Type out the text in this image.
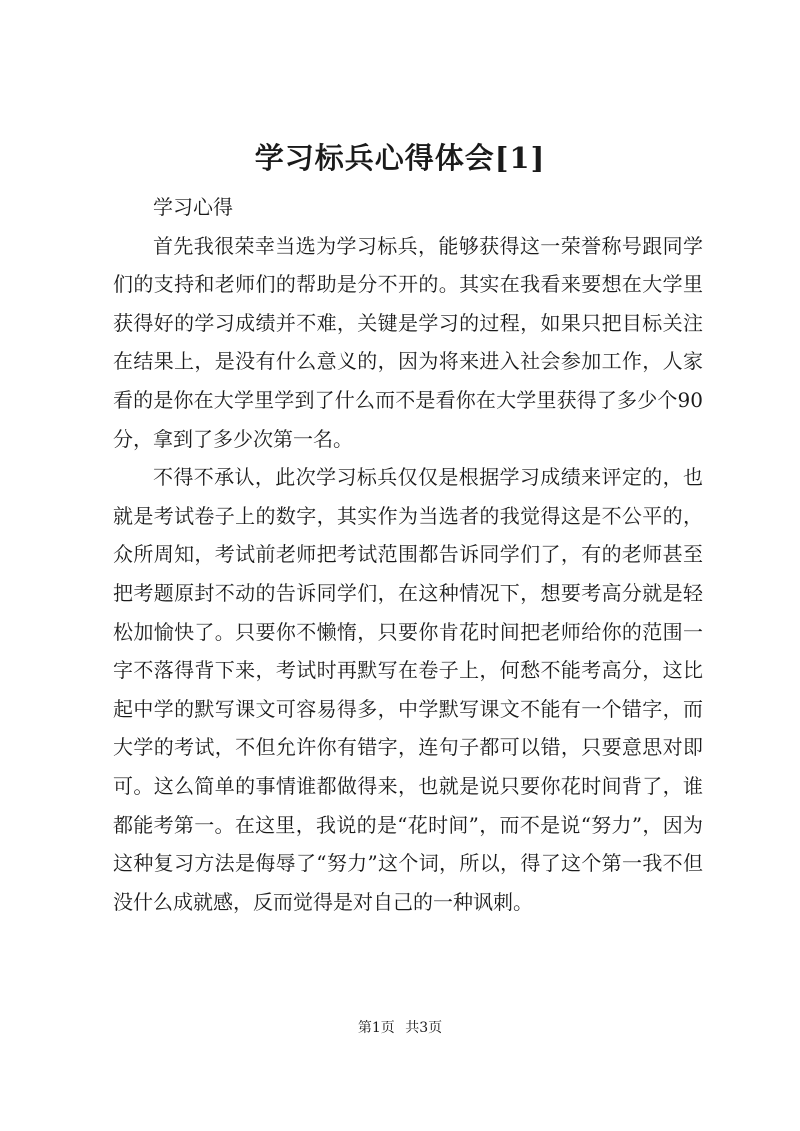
学习标兵心得体会[1]

学习心得

首先我很荣幸当选为学习标兵，能够获得这一荣誉称号跟同学们的支持和老师们的帮助是分不开的。其实在我看来要想在大学里获得好的学习成绩并不难，关键是学习的过程，如果只把目标关注在结果上，是没有什么意义的，因为将来进入社会参加工作，人家看的是你在大学里学到了什么而不是看你在大学里获得了多少个90分，拿到了多少次第一名。

不得不承认，此次学习标兵仅仅是根据学习成绩来评定的，也就是考试卷子上的数字，其实作为当选者的我觉得这是不公平的，众所周知，考试前老师把考试范围都告诉同学们了，有的老师甚至把考题原封不动的告诉同学们，在这种情况下，想要考高分就是轻松加愉快了。只要你不懒惰，只要你肯花时间把老师给你的范围一字不落得背下来，考试时再默写在卷子上，何愁不能考高分，这比起中学的默写课文可容易得多，中学默写课文不能有一个错字，而大学的考试，不但允许你有错字，连句子都可以错，只要意思对即可。这么简单的事情谁都做得来，也就是说只要你花时间背了，谁都能考第一。在这里，我说的是“花时间”，而不是说“努力”，因为这种复习方法是侮辱了“努力”这个词，所以，得了这个第一我不但没什么成就感，反而觉得是对自己的一种讽刺。

第1页 共3页
